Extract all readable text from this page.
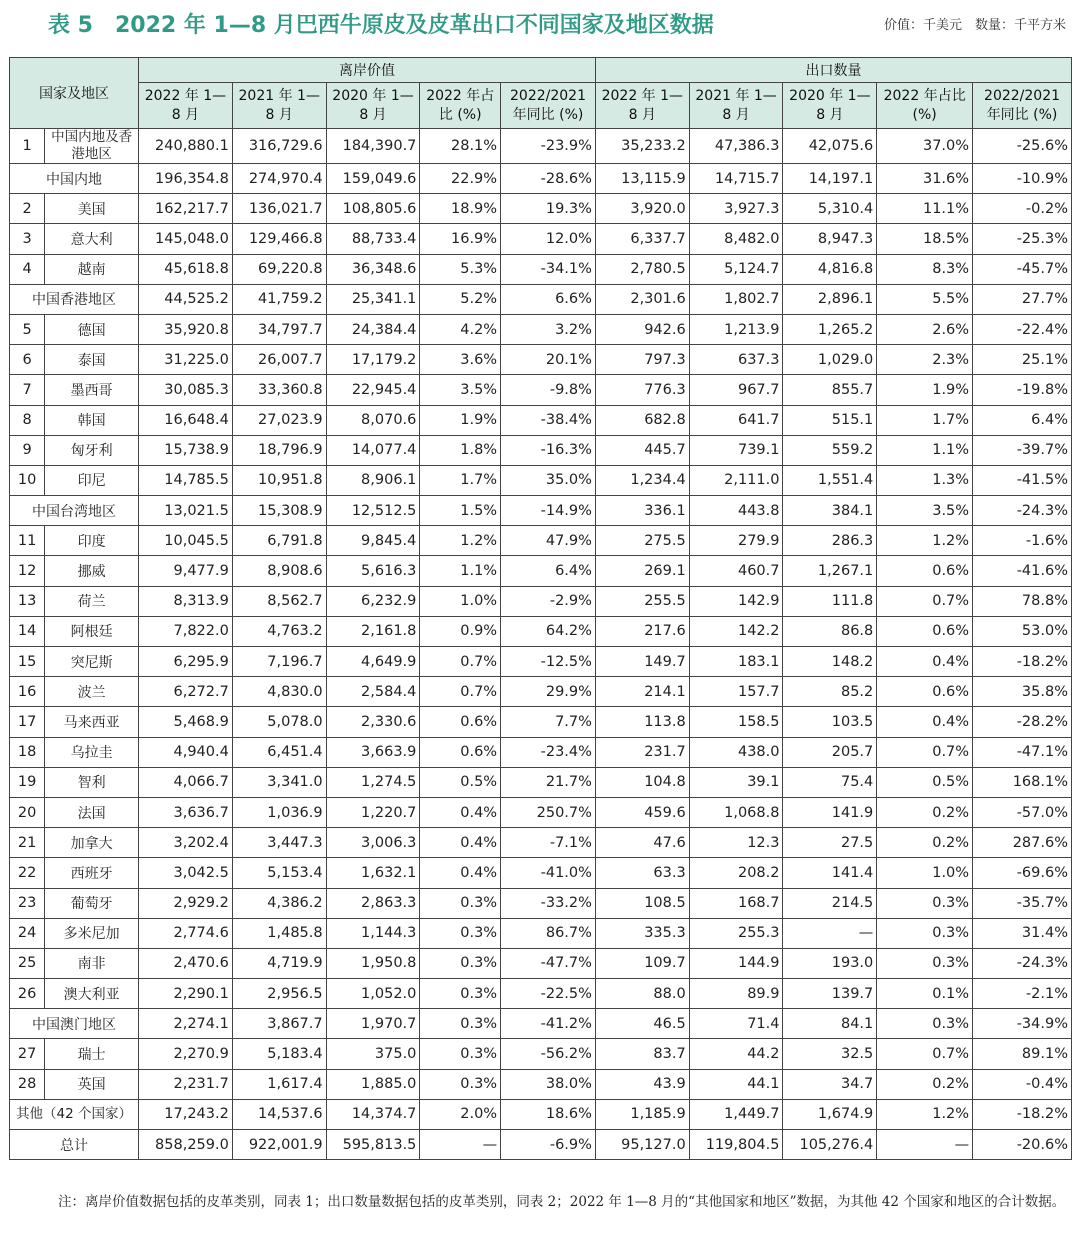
表 5　2022 年 1—8 月巴西牛原皮及皮革出口不同国家及地区数据	价值：千美元　数量：千平方米
国家及地区		离岸价值					出口数量				
		2022 年 1—8 月	2021 年 1—8 月	2020 年 1—8 月	2022 年占比 (%)	2022/2021 年同比 (%)	2022 年 1—8 月	2021 年 1—8 月	2020 年 1—8 月	2022 年占比 (%)	2022/2021 年同比 (%)
1	中国内地及香港地区	240,880.1	316,729.6	184,390.7	28.1%	-23.9%	35,233.2	47,386.3	42,075.6	37.0%	-25.6%
中国内地		196,354.8	274,970.4	159,049.6	22.9%	-28.6%	13,115.9	14,715.7	14,197.1	31.6%	-10.9%
2	美国	162,217.7	136,021.7	108,805.6	18.9%	19.3%	3,920.0	3,927.3	5,310.4	11.1%	-0.2%
3	意大利	145,048.0	129,466.8	88,733.4	16.9%	12.0%	6,337.7	8,482.0	8,947.3	18.5%	-25.3%
4	越南	45,618.8	69,220.8	36,348.6	5.3%	-34.1%	2,780.5	5,124.7	4,816.8	8.3%	-45.7%
中国香港地区		44,525.2	41,759.2	25,341.1	5.2%	6.6%	2,301.6	1,802.7	2,896.1	5.5%	27.7%
5	德国	35,920.8	34,797.7	24,384.4	4.2%	3.2%	942.6	1,213.9	1,265.2	2.6%	-22.4%
6	泰国	31,225.0	26,007.7	17,179.2	3.6%	20.1%	797.3	637.3	1,029.0	2.3%	25.1%
7	墨西哥	30,085.3	33,360.8	22,945.4	3.5%	-9.8%	776.3	967.7	855.7	1.9%	-19.8%
8	韩国	16,648.4	27,023.9	8,070.6	1.9%	-38.4%	682.8	641.7	515.1	1.7%	6.4%
9	匈牙利	15,738.9	18,796.9	14,077.4	1.8%	-16.3%	445.7	739.1	559.2	1.1%	-39.7%
10	印尼	14,785.5	10,951.8	8,906.1	1.7%	35.0%	1,234.4	2,111.0	1,551.4	1.3%	-41.5%
中国台湾地区		13,021.5	15,308.9	12,512.5	1.5%	-14.9%	336.1	443.8	384.1	3.5%	-24.3%
11	印度	10,045.5	6,791.8	9,845.4	1.2%	47.9%	275.5	279.9	286.3	1.2%	-1.6%
12	挪威	9,477.9	8,908.6	5,616.3	1.1%	6.4%	269.1	460.7	1,267.1	0.6%	-41.6%
13	荷兰	8,313.9	8,562.7	6,232.9	1.0%	-2.9%	255.5	142.9	111.8	0.7%	78.8%
14	阿根廷	7,822.0	4,763.2	2,161.8	0.9%	64.2%	217.6	142.2	86.8	0.6%	53.0%
15	突尼斯	6,295.9	7,196.7	4,649.9	0.7%	-12.5%	149.7	183.1	148.2	0.4%	-18.2%
16	波兰	6,272.7	4,830.0	2,584.4	0.7%	29.9%	214.1	157.7	85.2	0.6%	35.8%
17	马来西亚	5,468.9	5,078.0	2,330.6	0.6%	7.7%	113.8	158.5	103.5	0.4%	-28.2%
18	乌拉圭	4,940.4	6,451.4	3,663.9	0.6%	-23.4%	231.7	438.0	205.7	0.7%	-47.1%
19	智利	4,066.7	3,341.0	1,274.5	0.5%	21.7%	104.8	39.1	75.4	0.5%	168.1%
20	法国	3,636.7	1,036.9	1,220.7	0.4%	250.7%	459.6	1,068.8	141.9	0.2%	-57.0%
21	加拿大	3,202.4	3,447.3	3,006.3	0.4%	-7.1%	47.6	12.3	27.5	0.2%	287.6%
22	西班牙	3,042.5	5,153.4	1,632.1	0.4%	-41.0%	63.3	208.2	141.4	1.0%	-69.6%
23	葡萄牙	2,929.2	4,386.2	2,863.3	0.3%	-33.2%	108.5	168.7	214.5	0.3%	-35.7%
24	多米尼加	2,774.6	1,485.8	1,144.3	0.3%	86.7%	335.3	255.3	—	0.3%	31.4%
25	南非	2,470.6	4,719.9	1,950.8	0.3%	-47.7%	109.7	144.9	193.0	0.3%	-24.3%
26	澳大利亚	2,290.1	2,956.5	1,052.0	0.3%	-22.5%	88.0	89.9	139.7	0.1%	-2.1%
中国澳门地区		2,274.1	3,867.7	1,970.7	0.3%	-41.2%	46.5	71.4	84.1	0.3%	-34.9%
27	瑞士	2,270.9	5,183.4	375.0	0.3%	-56.2%	83.7	44.2	32.5	0.7%	89.1%
28	英国	2,231.7	1,617.4	1,885.0	0.3%	38.0%	43.9	44.1	34.7	0.2%	-0.4%
其他（42 个国家）		17,243.2	14,537.6	14,374.7	2.0%	18.6%	1,185.9	1,449.7	1,674.9	1.2%	-18.2%
总计		858,259.0	922,001.9	595,813.5	—	-6.9%	95,127.0	119,804.5	105,276.4	—	-20.6%
注：离岸价值数据包括的皮革类别，同表 1；出口数量数据包括的皮革类别，同表 2；2022 年 1—8 月的“其他国家和地区”数据，为其他 42 个国家和地区的合计数据。
